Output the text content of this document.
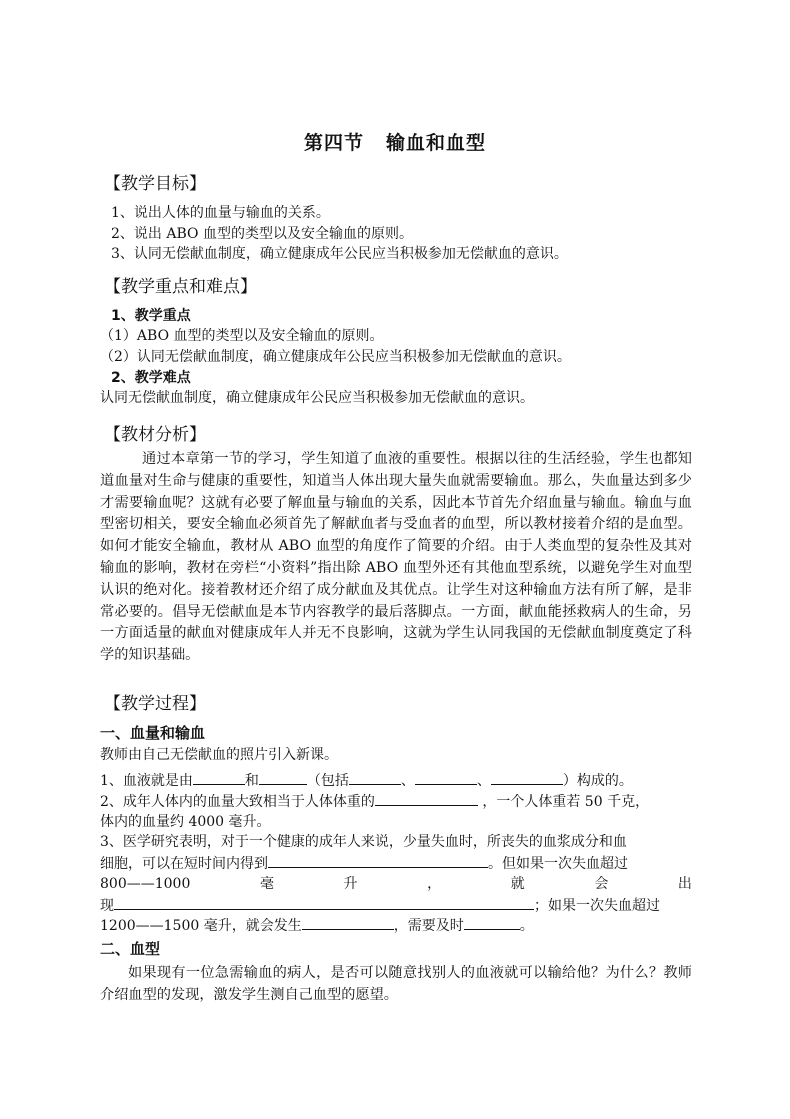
第四节 输血和血型
【教学目标】
1、说出人体的血量与输血的关系。
2、说出 ABO 血型的类型以及安全输血的原则。
3、认同无偿献血制度，确立健康成年公民应当积极参加无偿献血的意识。
【教学重点和难点】
1、教学重点
（1）ABO 血型的类型以及安全输血的原则。
（2）认同无偿献血制度，确立健康成年公民应当积极参加无偿献血的意识。
2、教学难点
认同无偿献血制度，确立健康成年公民应当积极参加无偿献血的意识。
【教材分析】
通过本章第一节的学习，学生知道了血液的重要性。根据以往的生活经验，学生也都知道血量对生命与健康的重要性，知道当人体出现大量失血就需要输血。那么，失血量达到多少才需要输血呢？这就有必要了解血量与输血的关系，因此本节首先介绍血量与输血。输血与血型密切相关，要安全输血必须首先了解献血者与受血者的血型，所以教材接着介绍的是血型。如何才能安全输血，教材从 ABO 血型的角度作了简要的介绍。由于人类血型的复杂性及其对输血的影响，教材在旁栏“小资料”指出除 ABO 血型外还有其他血型系统，以避免学生对血型认识的绝对化。接着教材还介绍了成分献血及其优点。让学生对这种输血方法有所了解，是非常必要的。倡导无偿献血是本节内容教学的最后落脚点。一方面，献血能拯救病人的生命，另一方面适量的献血对健康成年人并无不良影响，这就为学生认同我国的无偿献血制度奠定了科学的知识基础。
【教学过程】
一、血量和输血
教师由自己无偿献血的照片引入新课。
1、血液就是由	和	（包括	、	、	）构成的。
2、成年人体内的血量大致相当于人体体重的	，一个人体重若 50 千克，
体内的血量约 4000 毫升。
3、医学研究表明，对于一个健康的成年人来说，少量失血时，所丧失的血浆成分和血
细胞，可以在短时间内得到	。但如果一次失血超过
800——1000	毫	升	，	就	会	出
现	；如果一次失血超过
1200——1500 毫升，就会发生	，需要及时	。
二、血型
如果现有一位急需输血的病人，是否可以随意找别人的血液就可以输给他？为什么？教师介绍血型的发现，激发学生测自己血型的愿望。
